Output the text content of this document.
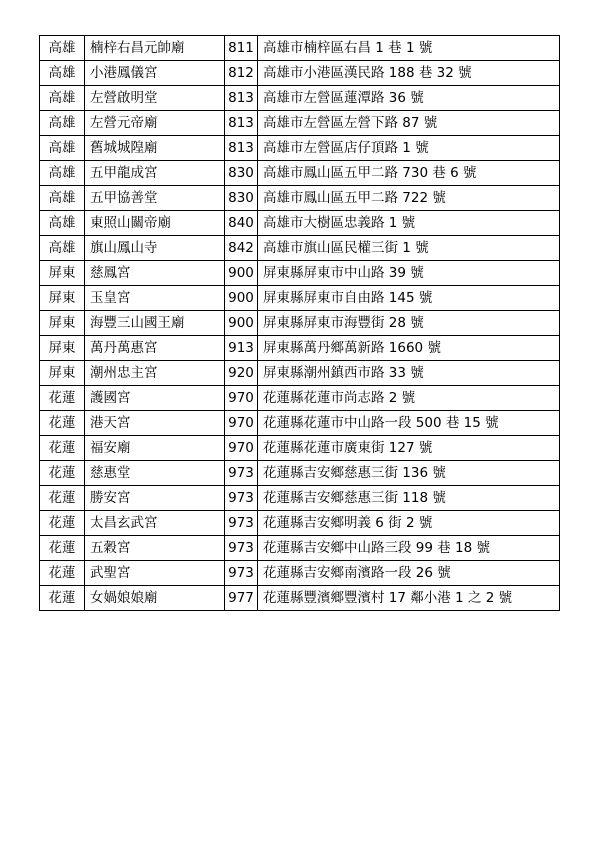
高雄	楠梓右昌元帥廟	811	高雄市楠梓區右昌 1 巷 1 號
高雄	小港鳳儀宮	812	高雄市小港區漢民路 188 巷 32 號
高雄	左營啟明堂	813	高雄市左營區蓮潭路 36 號
高雄	左營元帝廟	813	高雄市左營區左營下路 87 號
高雄	舊城城隍廟	813	高雄市左營區店仔頂路 1 號
高雄	五甲龍成宮	830	高雄市鳳山區五甲二路 730 巷 6 號
高雄	五甲協善堂	830	高雄市鳳山區五甲二路 722 號
高雄	東照山關帝廟	840	高雄市大樹區忠義路 1 號
高雄	旗山鳳山寺	842	高雄市旗山區民權三街 1 號
屏東	慈鳳宮	900	屏東縣屏東市中山路 39 號
屏東	玉皇宮	900	屏東縣屏東市自由路 145 號
屏東	海豐三山國王廟	900	屏東縣屏東市海豐街 28 號
屏東	萬丹萬惠宮	913	屏東縣萬丹鄉萬新路 1660 號
屏東	潮州忠主宮	920	屏東縣潮州鎮西市路 33 號
花蓮	護國宮	970	花蓮縣花蓮市尚志路 2 號
花蓮	港天宮	970	花蓮縣花蓮市中山路一段 500 巷 15 號
花蓮	福安廟	970	花蓮縣花蓮市廣東街 127 號
花蓮	慈惠堂	973	花蓮縣吉安鄉慈惠三街 136 號
花蓮	勝安宮	973	花蓮縣吉安鄉慈惠三街 118 號
花蓮	太昌玄武宮	973	花蓮縣吉安鄉明義 6 街 2 號
花蓮	五穀宮	973	花蓮縣吉安鄉中山路三段 99 巷 18 號
花蓮	武聖宮	973	花蓮縣吉安鄉南濱路一段 26 號
花蓮	女媧娘娘廟	977	花蓮縣豐濱鄉豐濱村 17 鄰小港 1 之 2 號
